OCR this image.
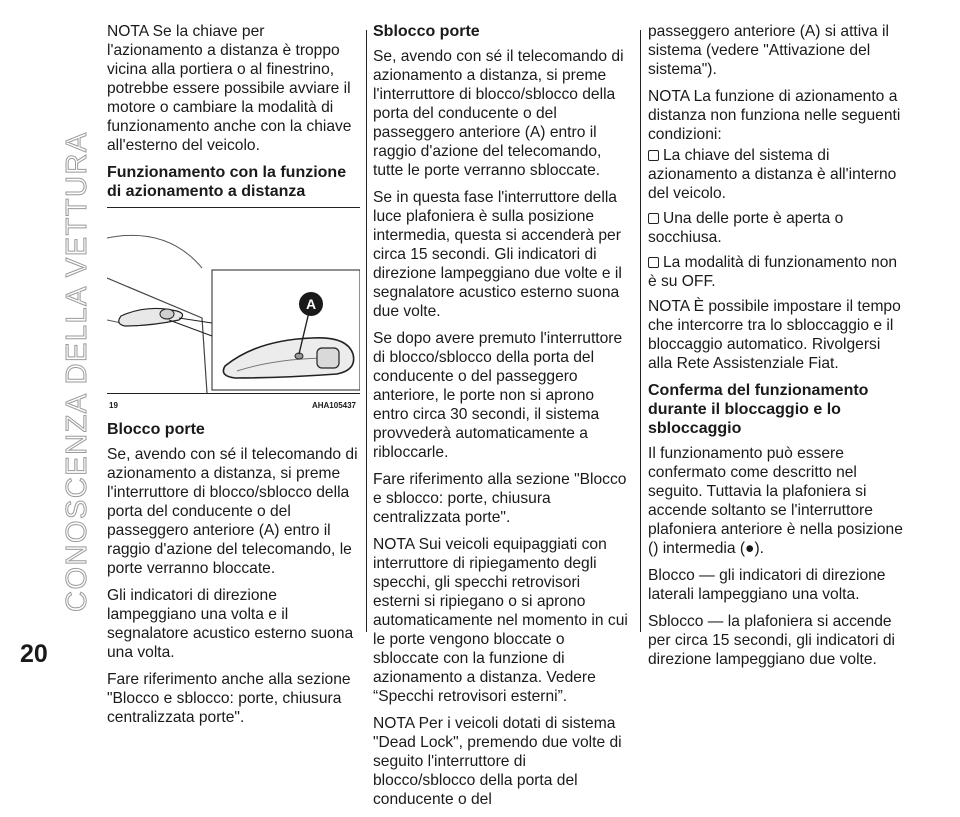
CONOSCENZA DELLA VETTURA
20

NOTA Se la chiave per l'azionamento a distanza è troppo vicina alla portiera o al finestrino, potrebbe essere possibile avviare il motore o cambiare la modalità di funzionamento anche con la chiave all'esterno del veicolo.

Funzionamento con la funzione di azionamento a distanza

A
19	AHA105437

Blocco porte

Se, avendo con sé il telecomando di azionamento a distanza, si preme l'interruttore di blocco/sblocco della porta del conducente o del passeggero anteriore (A) entro il raggio d'azione del telecomando, le porte verranno bloccate.

Gli indicatori di direzione lampeggiano una volta e il segnalatore acustico esterno suona una volta.

Fare riferimento anche alla sezione "Blocco e sblocco: porte, chiusura centralizzata porte".

Sblocco porte

Se, avendo con sé il telecomando di azionamento a distanza, si preme l'interruttore di blocco/sblocco della porta del conducente o del passeggero anteriore (A) entro il raggio d'azione del telecomando, tutte le porte verranno sbloccate.

Se in questa fase l'interruttore della luce plafoniera è sulla posizione intermedia, questa si accenderà per circa 15 secondi. Gli indicatori di direzione lampeggiano due volte e il segnalatore acustico esterno suona due volte.

Se dopo avere premuto l'interruttore di blocco/sblocco della porta del conducente o del passeggero anteriore, le porte non si aprono entro circa 30 secondi, il sistema provvederà automaticamente a ribloccarle.

Fare riferimento alla sezione "Blocco e sblocco: porte, chiusura centralizzata porte".

NOTA Sui veicoli equipaggiati con interruttore di ripiegamento degli specchi, gli specchi retrovisori esterni si ripiegano o si aprono automaticamente nel momento in cui le porte vengono bloccate o sbloccate con la funzione di azionamento a distanza. Vedere “Specchi retrovisori esterni”.

NOTA Per i veicoli dotati di sistema "Dead Lock", premendo due volte di seguito l'interruttore di blocco/sblocco della porta del conducente o del

passeggero anteriore (A) si attiva il sistema (vedere "Attivazione del sistema").

NOTA La funzione di azionamento a distanza non funziona nelle seguenti condizioni:

La chiave del sistema di azionamento a distanza è all'interno del veicolo.
Una delle porte è aperta o socchiusa.
La modalità di funzionamento non è su OFF.

NOTA È possibile impostare il tempo che intercorre tra lo sbloccaggio e il bloccaggio automatico. Rivolgersi alla Rete Assistenziale Fiat.

Conferma del funzionamento durante il bloccaggio e lo sbloccaggio

Il funzionamento può essere confermato come descritto nel seguito. Tuttavia la plafoniera si accende soltanto se l'interruttore plafoniera anteriore è nella posizione () intermedia (●).

Blocco — gli indicatori di direzione laterali lampeggiano una volta.

Sblocco — la plafoniera si accende per circa 15 secondi, gli indicatori di direzione lampeggiano due volte.
